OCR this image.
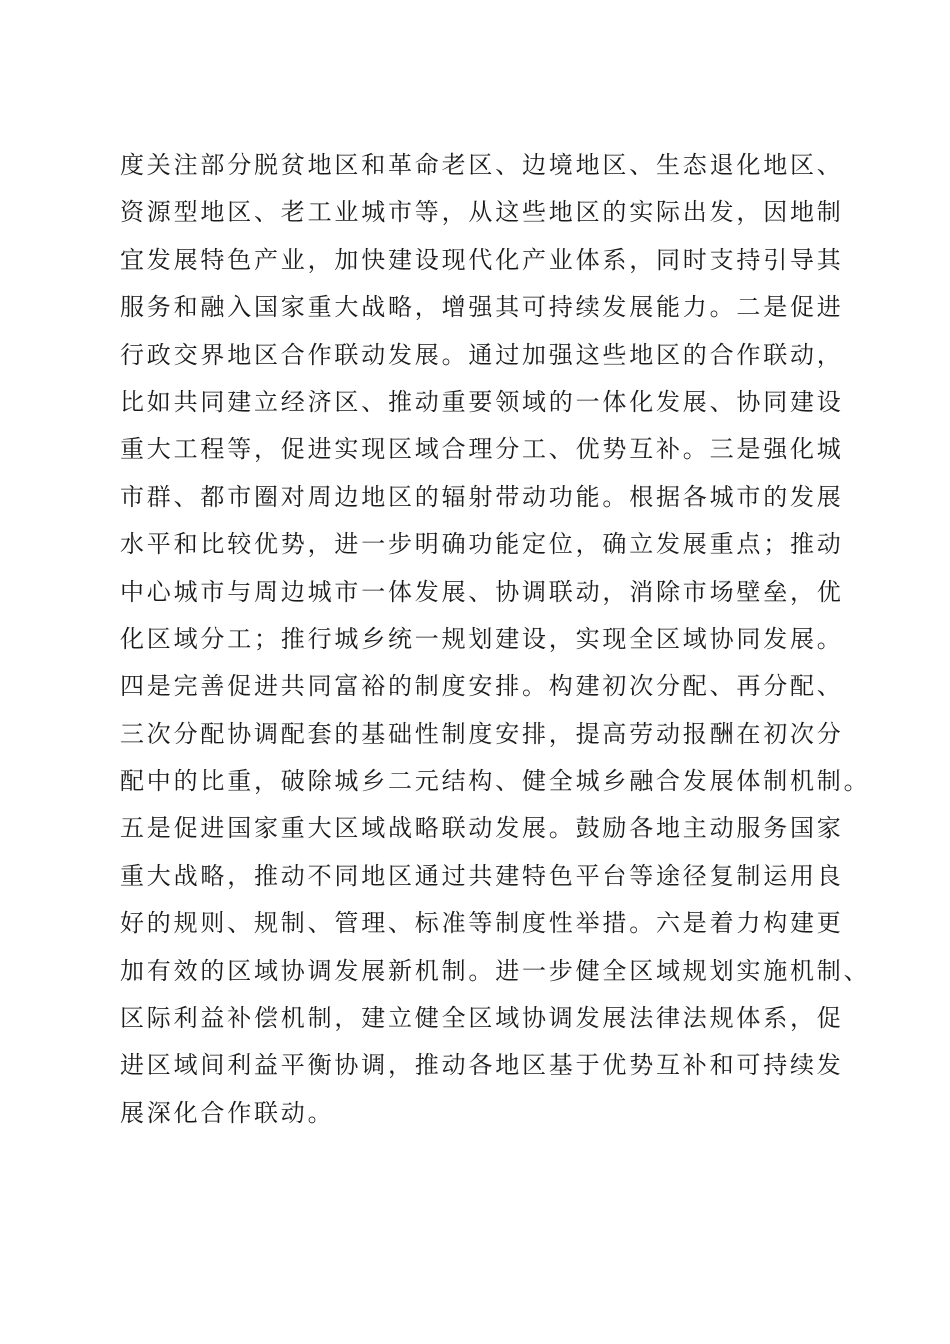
度关注部分脱贫地区和革命老区、边境地区、生态退化地区、
资源型地区、老工业城市等，从这些地区的实际出发，因地制
宜发展特色产业，加快建设现代化产业体系，同时支持引导其
服务和融入国家重大战略，增强其可持续发展能力。二是促进
行政交界地区合作联动发展。通过加强这些地区的合作联动，
比如共同建立经济区、推动重要领域的一体化发展、协同建设
重大工程等，促进实现区域合理分工、优势互补。三是强化城
市群、都市圈对周边地区的辐射带动功能。根据各城市的发展
水平和比较优势，进一步明确功能定位，确立发展重点；推动
中心城市与周边城市一体发展、协调联动，消除市场壁垒，优
化区域分工；推行城乡统一规划建设，实现全区域协同发展。
四是完善促进共同富裕的制度安排。构建初次分配、再分配、
三次分配协调配套的基础性制度安排，提高劳动报酬在初次分
配中的比重，破除城乡二元结构、健全城乡融合发展体制机制。
五是促进国家重大区域战略联动发展。鼓励各地主动服务国家
重大战略，推动不同地区通过共建特色平台等途径复制运用良
好的规则、规制、管理、标准等制度性举措。六是着力构建更
加有效的区域协调发展新机制。进一步健全区域规划实施机制、
区际利益补偿机制，建立健全区域协调发展法律法规体系，促
进区域间利益平衡协调，推动各地区基于优势互补和可持续发
展深化合作联动。
